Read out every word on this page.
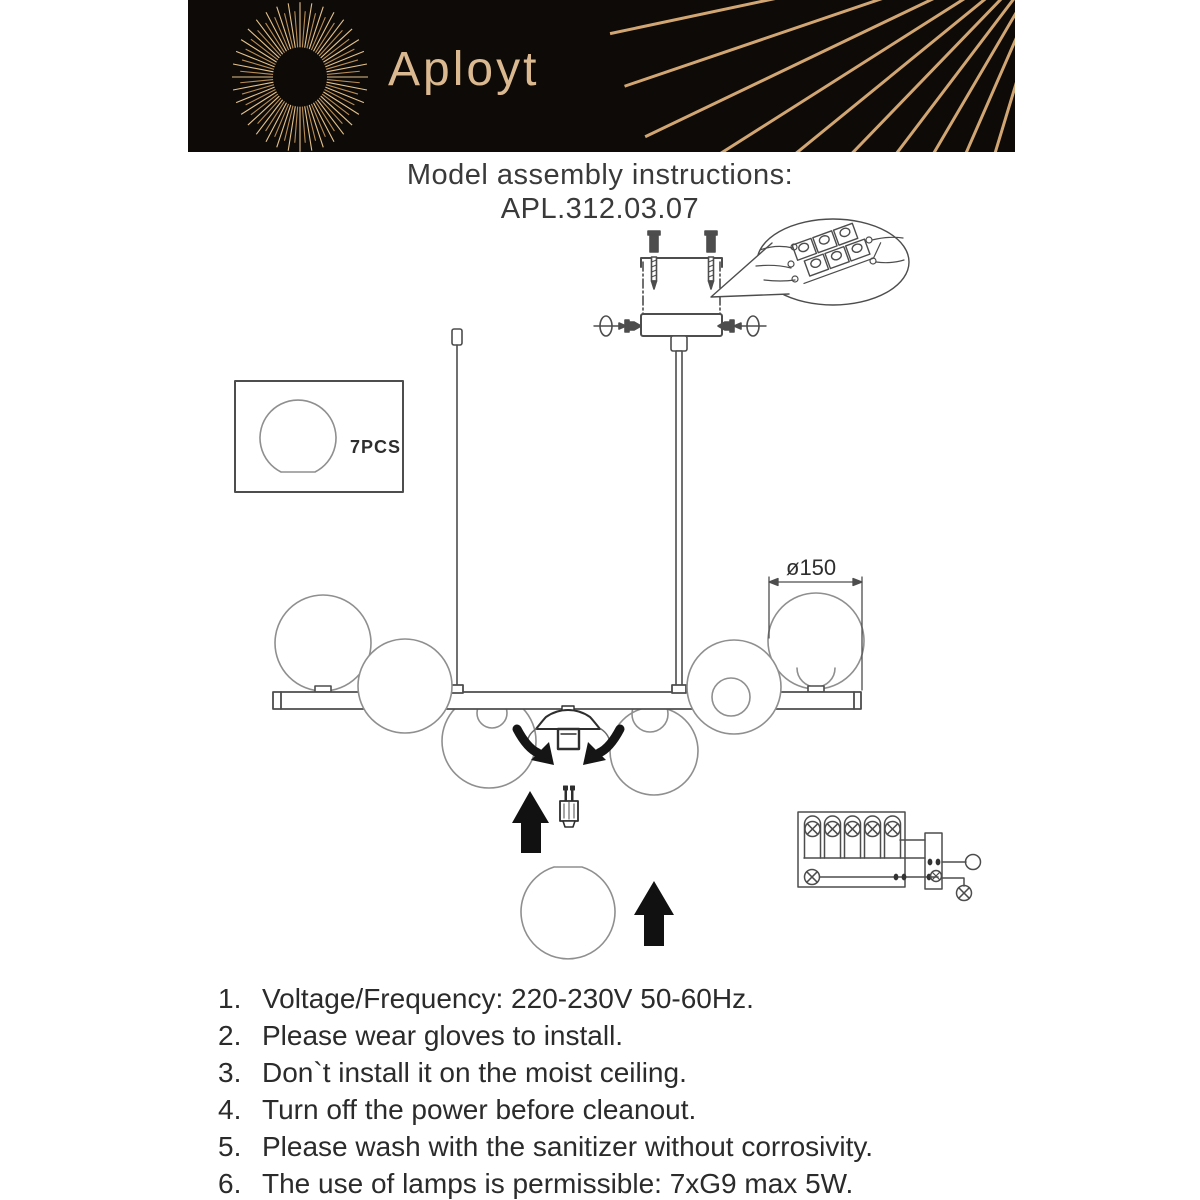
Aployt
Model assembly instructions:
APL.312.03.07
7PCS
ø150
1. Voltage/Frequency: 220-230V 50-60Hz.
2. Please wear gloves to install.
3. Don`t install it on the moist ceiling.
4. Turn off the power before cleanout.
5. Please wash with the sanitizer without corrosivity.
6. The use of lamps is permissible: 7xG9 max 5W.
